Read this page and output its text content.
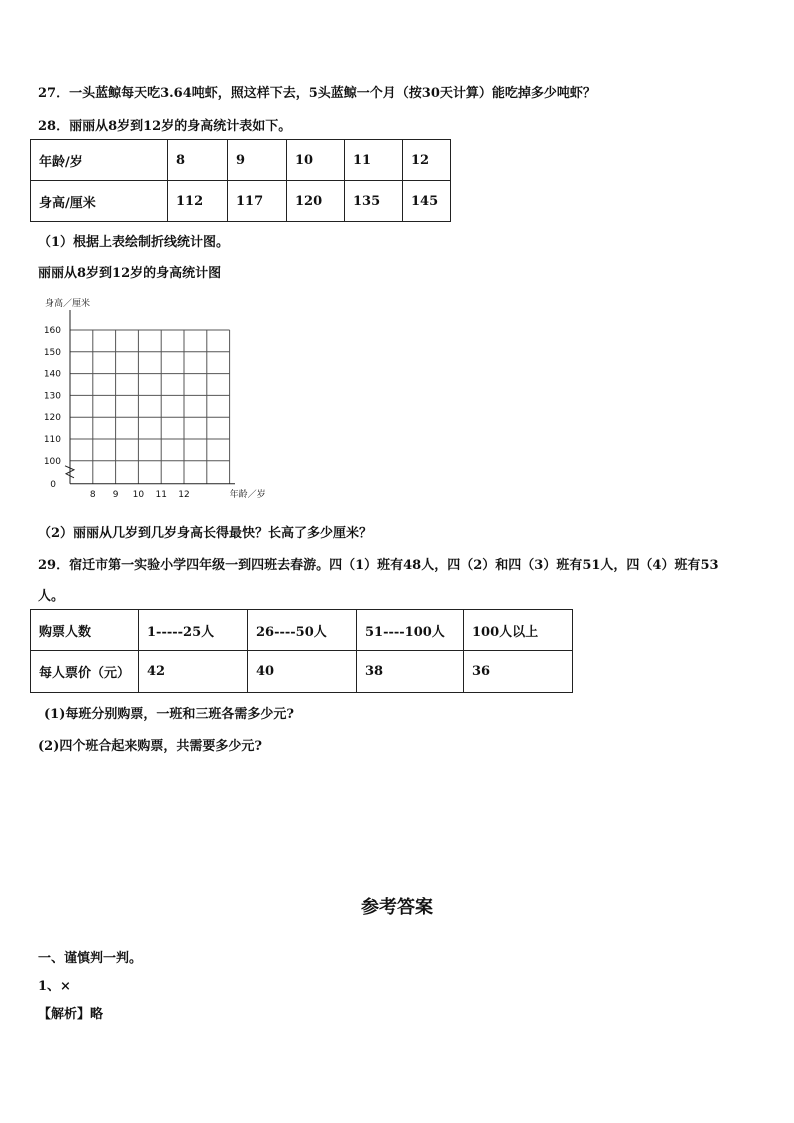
27．一头蓝鲸每天吃3.64吨虾，照这样下去，5头蓝鲸一个月（按30天计算）能吃掉多少吨虾？
28．丽丽从8岁到12岁的身高统计表如下。
年龄/岁	8	9	10	11	12
身高/厘米	112	117	120	135	145
（1）根据上表绘制折线统计图。
丽丽从8岁到12岁的身高统计图
160
150
140
130
120
110
100
0
8 9 10 11 12
身高／厘米
年龄／岁
（2）丽丽从几岁到几岁身高长得最快？长高了多少厘米？
29．宿迁市第一实验小学四年级一到四班去春游。四（1）班有48人，四（2）和四（3）班有51人，四（4）班有53
人。
购票人数	1-----25人	26----50人	51----100人	100人以上
每人票价（元）	42	40	38	36
(1)每班分别购票，一班和三班各需多少元?
(2)四个班合起来购票，共需要多少元?
参考答案
一、谨慎判一判。
1、×
【解析】略
